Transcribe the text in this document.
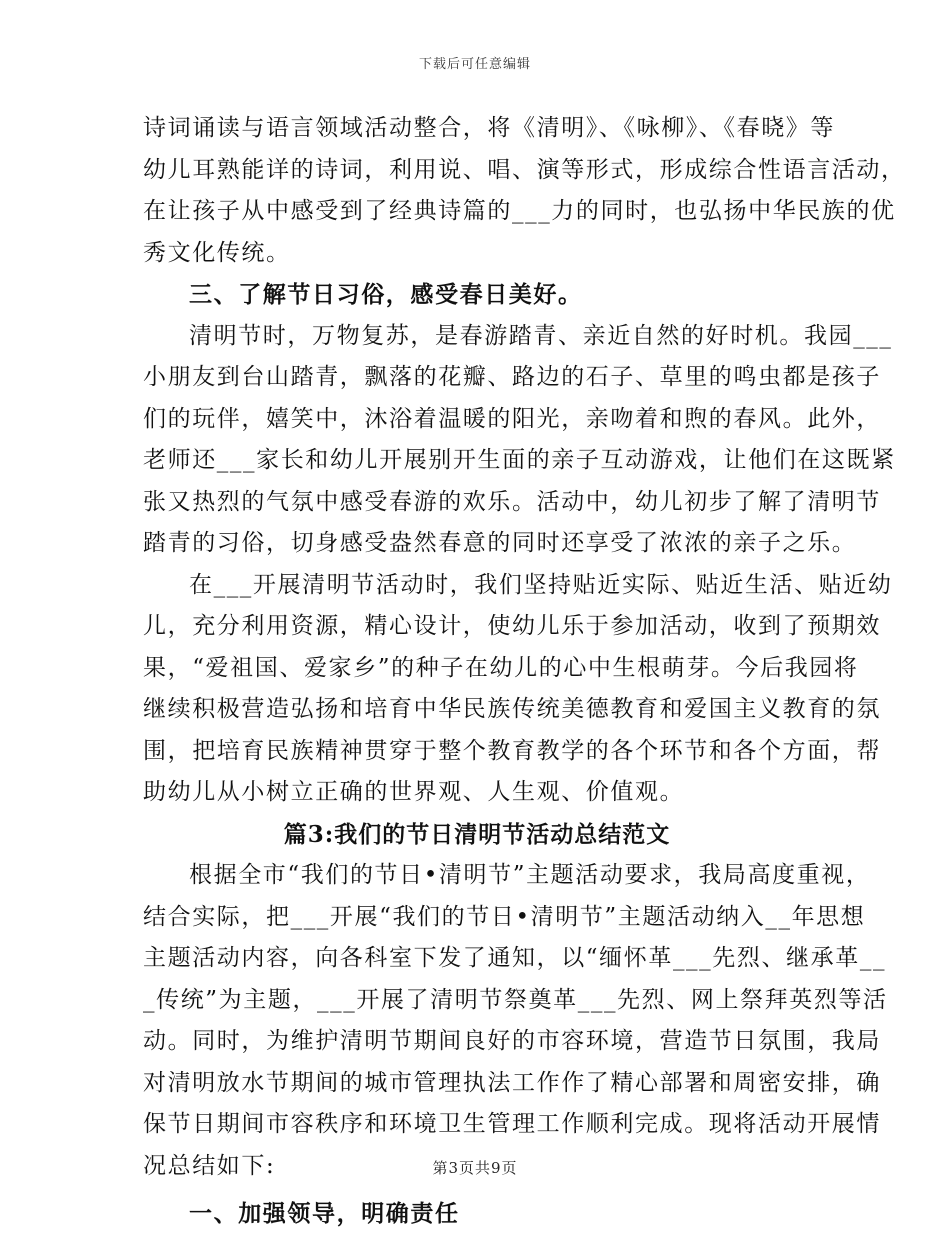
下载后可任意编辑
诗词诵读与语言领域活动整合，将《清明》、《咏柳》、《春晓》等
幼儿耳熟能详的诗词，利用说、唱、演等形式，形成综合性语言活动，
在让孩子从中感受到了经典诗篇的___力的同时，也弘扬中华民族的优
秀文化传统。
三、了解节日习俗，感受春日美好。
清明节时，万物复苏，是春游踏青、亲近自然的好时机。我园___
小朋友到台山踏青，飘落的花瓣、路边的石子、草里的鸣虫都是孩子
们的玩伴，嬉笑中，沐浴着温暖的阳光，亲吻着和煦的春风。此外，
老师还___家长和幼儿开展别开生面的亲子互动游戏，让他们在这既紧
张又热烈的气氛中感受春游的欢乐。活动中，幼儿初步了解了清明节
踏青的习俗，切身感受盎然春意的同时还享受了浓浓的亲子之乐。
在___开展清明节活动时，我们坚持贴近实际、贴近生活、贴近幼
儿，充分利用资源，精心设计，使幼儿乐于参加活动，收到了预期效
果，“爱祖国、爱家乡”的种子在幼儿的心中生根萌芽。今后我园将
继续积极营造弘扬和培育中华民族传统美德教育和爱国主义教育的氛
围，把培育民族精神贯穿于整个教育教学的各个环节和各个方面，帮
助幼儿从小树立正确的世界观、人生观、价值观。
篇3:我们的节日清明节活动总结范文
根据全市“我们的节日•清明节”主题活动要求，我局高度重视，
结合实际，把___开展“我们的节日•清明节”主题活动纳入__年思想
主题活动内容，向各科室下发了通知，以“缅怀革___先烈、继承革__
_传统”为主题，___开展了清明节祭奠革___先烈、网上祭拜英烈等活
动。同时，为维护清明节期间良好的市容环境，营造节日氛围，我局
对清明放水节期间的城市管理执法工作作了精心部署和周密安排，确
保节日期间市容秩序和环境卫生管理工作顺利完成。现将活动开展情
况总结如下:
一、加强领导，明确责任
第3页共9页
